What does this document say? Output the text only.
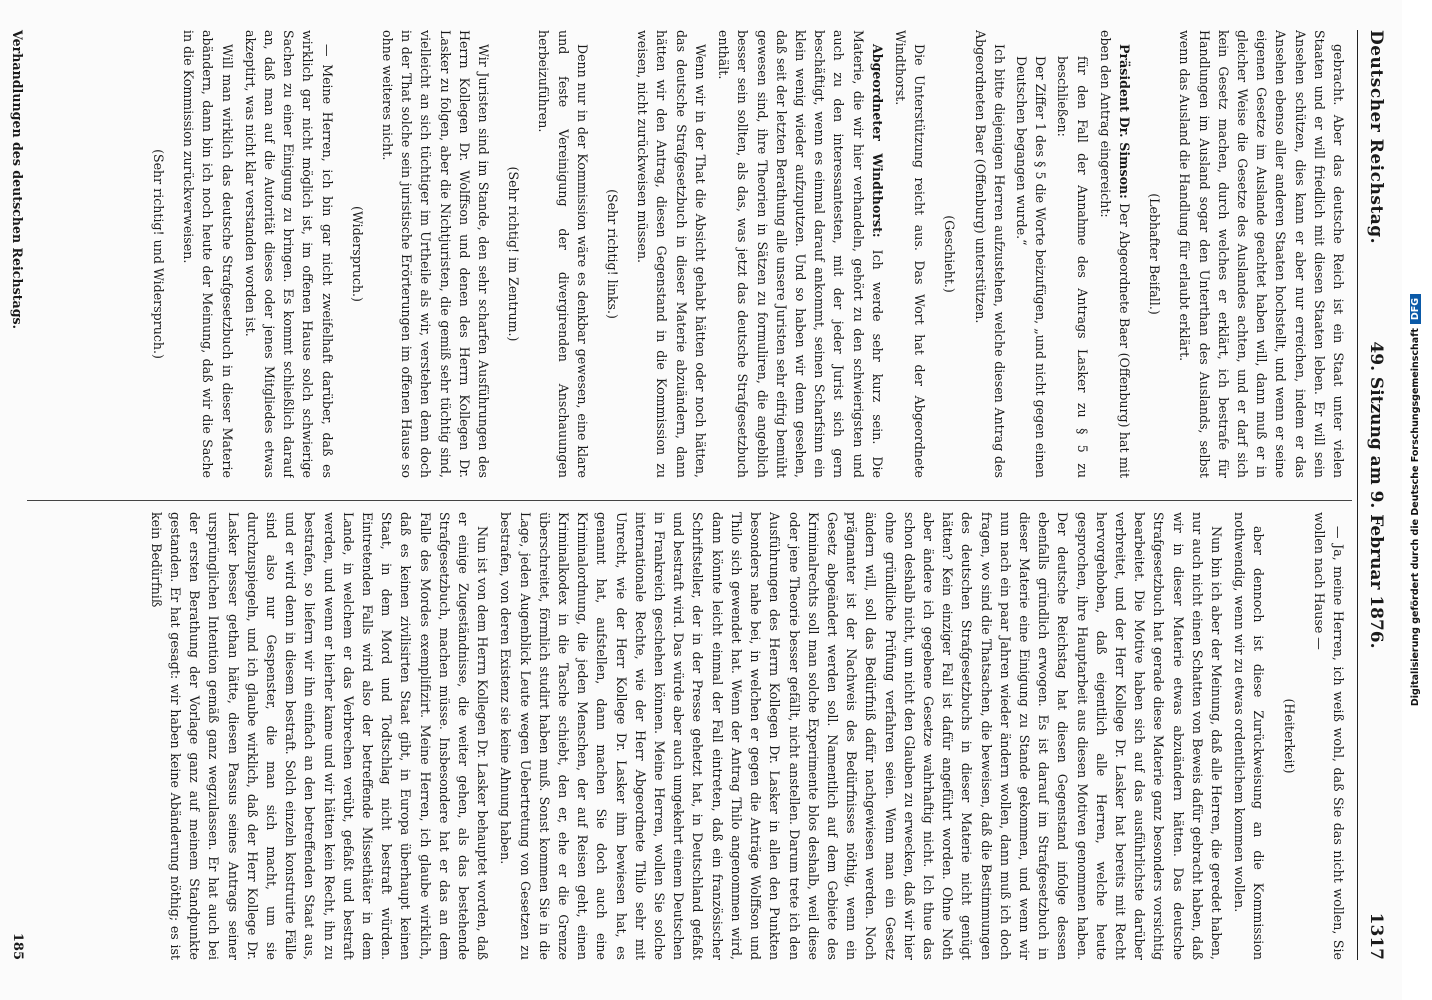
Deutscher Reichstag.
49. Sitzung am 9. Februar 1876.
1317
gebracht. Aber das deutsche Reich ist ein Staat unter vielen Staaten und er will friedlich mit diesen Staaten leben. Er will sein Ansehen schützen, dies kann er aber nur erreichen, indem er das Ansehen ebenso aller anderen Staaten hochstellt, und wenn er seine eigenen Gesetze im Auslande geachtet haben will, dann muß er in gleicher Weise die Gesetze des Auslandes achten, und er darf sich kein Gesetz machen, durch welches er erklärt, ich bestrafe für Handlungen im Ausland sogar den Unterthan des Auslands, selbst wenn das Ausland die Handlung für erlaubt erklärt.
(Lebhafter Beifall.)
Präsident Dr. Simson: Der Abgeordnete Baer (Offenburg) hat mit eben den Antrag eingereicht:
für den Fall der Annahme des Antrags Lasker zu § 5 zu beschließen:
Der Ziffer 1 des § 5 die Worte beizufügen, „und nicht gegen einen Deutschen begangen wurde.“
Ich bitte diejenigen Herren aufzustehen, welche diesen Antrag des Abgeordneten Baer (Offenburg) unterstützen.
(Geschieht.)
Die Unterstützung reicht aus. Das Wort hat der Abgeordnete Windthorst.
Abgeordneter Windthorst: Ich werde sehr kurz sein. Die Materie, die wir hier verhandeln, gehört zu den schwierigsten und auch zu den interessantesten, mit der jeder Jurist sich gern beschäftigt, wenn es einmal darauf ankommt, seinen Scharfsinn ein klein wenig wieder aufzuputzen. Und so haben wir denn gesehen, daß seit der letzten Berathung alle unsere Juristen sehr eifrig bemüht gewesen sind, ihre Theorien in Sätzen zu formuliren, die angeblich besser sein sollten, als das, was jetzt das deutsche Strafgesetzbuch enthält.
Wenn wir in der That die Absicht gehabt hätten oder noch hätten, das deutsche Strafgesetzbuch in dieser Materie abzuändern, dann hätten wir den Antrag, diesen Gegenstand in die Kommission zu weisen, nicht zurückweisen müssen.
(Sehr richtig! links.)
Denn nur in der Kommission wäre es denkbar gewesen, eine klare und feste Vereinigung der divergirenden Anschauungen herbeizuführen.
(Sehr richtig! im Zentrum.)
Wir Juristen sind im Stande, den sehr scharfen Ausführungen des Herrn Kollegen Dr. Wolffson und denen des Herrn Kollegen Dr. Lasker zu folgen, aber die Nichtjuristen, die gemiß sehr tüchtig sind, vielleicht an sich tüchtiger im Urtheile als wir, verstehen denn doch in der That solche sein juristische Erörterungen im offenen Hause so ohne weiteres nicht.
(Widerspruch.)
— Meine Herren, ich bin gar nicht zweifelhaft darüber, daß es wirklich gar nicht möglich ist, im offenen Hause solch schwierige Sachen zu einer Einigung zu bringen. Es kommt schließlich darauf an, daß man auf die Autorität dieses oder jenes Mitgliedes etwas akzeptirt, was nicht klar verstanden worden ist.
Will man wirklich das deutsche Strafgesetzbuch in dieser Materie abändern, dann bin ich noch heute der Meinung, daß wir die Sache in die Kommission zurückverweisen.
(Sehr richtig! und Widerspruch.)
— Ja, meine Herren, ich weiß wohl, daß Sie das nicht wollen, Sie wollen nach Hause —
(Heiterkeit)
aber dennoch ist diese Zurückweisung an die Kommission nothwendig, wenn wir zu etwas ordentlichem kommen wollen.
Nun bin ich aber der Meinung, daß alle Herren, die geredet haben, nur auch nicht einen Schatten von Beweis dafür gebracht haben, daß wir in dieser Materie etwas abzuändern hätten. Das deutsche Strafgesetzbuch hat gerade diese Materie ganz besonders vorsichtig bearbeitet. Die Motive haben sich auf das ausführlichste darüber verbreitet, und der Herr Kollege Dr. Lasker hat bereits mit Recht hervorgehoben, daß eigentlich alle Herren, welche heute gesprochen, ihre Hauptarbeit aus diesen Motiven genommen haben. Der deutsche Reichstag hat diesen Gegenstand infolge dessen ebenfalls gründlich erwogen. Es ist darauf im Strafgesetzbuch in dieser Materie eine Einigung zu Stande gekommen, und wenn wir nun nach ein paar Jahren wieder ändern wollen, dann muß ich doch fragen, wo sind die Thatsachen, die beweisen, daß die Bestimmungen des deutschen Strafgesetzbuchs in dieser Materie nicht genügt hätten? Kein einziger Fall ist dafür angeführt worden. Ohne Noth aber ändere ich gegebene Gesetze wahrhaftig nicht. Ich thue das schon deshalb nicht, um nicht den Glauben zu erwecken, daß wir hier ohne gründliche Prüfung verfahren seien. Wenn man ein Gesetz ändern will, soll das Bedürfniß dafür nachgewiesen werden. Noch prägnanter ist der Nachweis des Bedürfnisses nöthig, wenn ein Gesetz abgeändert werden soll. Namentlich auf dem Gebiete des Kriminalrechts soll man solche Experimente blos deshalb, weil diese oder jene Theorie besser gefällt, nicht anstellen. Darum trete ich den Ausführungen des Herrn Kollegen Dr. Lasker in allen den Punkten besonders nahe bei, in welchen er gegen die Anträge Wolffson und Thilo sich gewendet hat. Wenn der Antrag Thilo angenommen wird, dann könnte leicht einmal der Fall eintreten, daß ein französischer Schriftsteller, der in der Presse gehetzt hat, in Deutschland gefaßt und bestraft wird. Das würde aber auch umgekehrt einem Deutschen in Frankreich geschehen können. Meine Herren, wollen Sie solche internationale Rechte, wie der Herr Abgeordnete Thilo sehr mit Unrecht, wie der Herr Kollege Dr. Lasker ihm bewiesen hat, es genannt hat, aufstellen, dann machen Sie doch auch eine Kriminalordnung, die jeden Menschen, der auf Reisen geht, einen Kriminalkodex in die Tasche schiebt, den er, ehe er die Grenze überschreitet, förmlich studirt haben muß. Sonst kommen Sie in die Lage, jeden Augenblick Leute wegen Uebertretung von Gesetzen zu bestrafen, von deren Existenz sie keine Ahnung haben.
Nun ist von dem Herrn Kollegen Dr. Lasker behauptet worden, daß er einige Zugeständnisse, die weiter gehen, als das bestehende Strafgesetzbuch, machen müsse. Insbesondere hat er das an dem Falle des Mordes exemplifizirt. Meine Herren, ich glaube wirklich, daß es keinen zivilisirten Staat gibt, in Europa überhaupt keinen Staat, in dem Mord und Todtschlag nicht bestraft würden. Eintretenden Falls wird also der betreffende Missethäter in dem Lande, in welchem er das Verbrechen verübt, gefaßt und bestraft werden, und wenn er hierher kame und wir hätten kein Recht, ihn zu bestrafen, so liefern wir ihn einfach an den betreffenden Staat aus, und er wird denn in diesem bestraft. Solch einzeln konstruirte Fälle sind also nur Gespenster, die man sich macht, um sie durchzuspiegeln, und ich glaube wirklich, daß der Herr Kollege Dr. Lasker besser gethan hätte, diesen Passus seines Antrags seiner ursprünglichen Intention gemäß ganz wegzulassen. Er hat auch bei der ersten Berathung der Vorlage ganz auf meinem Standpunkte gestanden. Er hat gesagt: wir haben keine Abänderung nöthig; es ist kein Bedürfniß
Verhandlungen des deutschen Reichstags.
185
Digitalisierung gefördert durch die Deutsche ForschungsgemeinschaftDFG
